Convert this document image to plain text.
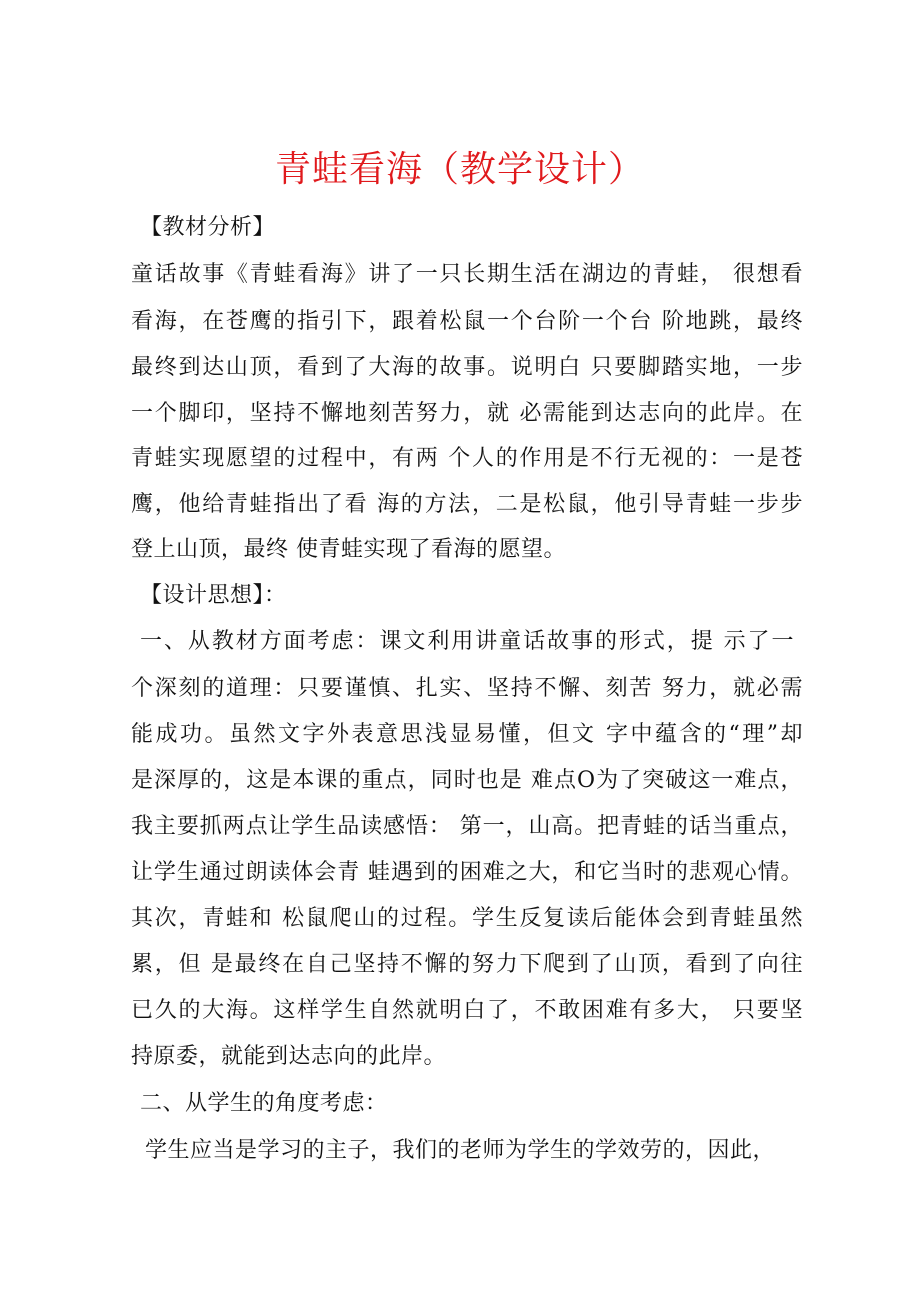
青蛙看海（教学设计）
【教材分析】
童话故事《青蛙看海》讲了一只长期生活在湖边的青蛙， 很想看
看海，在苍鹰的指引下，跟着松鼠一个台阶一个台 阶地跳，最终
最终到达山顶，看到了大海的故事。说明白 只要脚踏实地，一步
一个脚印，坚持不懈地刻苦努力，就 必需能到达志向的此岸。在
青蛙实现愿望的过程中，有两 个人的作用是不行无视的：一是苍
鹰，他给青蛙指出了看 海的方法，二是松鼠，他引导青蛙一步步
登上山顶，最终 使青蛙实现了看海的愿望。
【设计思想】：
一、从教材方面考虑：课文利用讲童话故事的形式，提 示了一
个深刻的道理：只要谨慎、扎实、坚持不懈、刻苦 努力，就必需
能成功。虽然文字外表意思浅显易懂，但文 字中蕴含的“理”却
是深厚的，这是本课的重点，同时也是 难点O为了突破这一难点，
我主要抓两点让学生品读感悟： 第一，山高。把青蛙的话当重点，
让学生通过朗读体会青 蛙遇到的困难之大，和它当时的悲观心情。
其次，青蛙和 松鼠爬山的过程。学生反复读后能体会到青蛙虽然
累，但 是最终在自己坚持不懈的努力下爬到了山顶，看到了向往
已久的大海。这样学生自然就明白了，不敢困难有多大， 只要坚
持原委，就能到达志向的此岸。
二、从学生的角度考虑：
学生应当是学习的主子，我们的老师为学生的学效劳的，因此，
